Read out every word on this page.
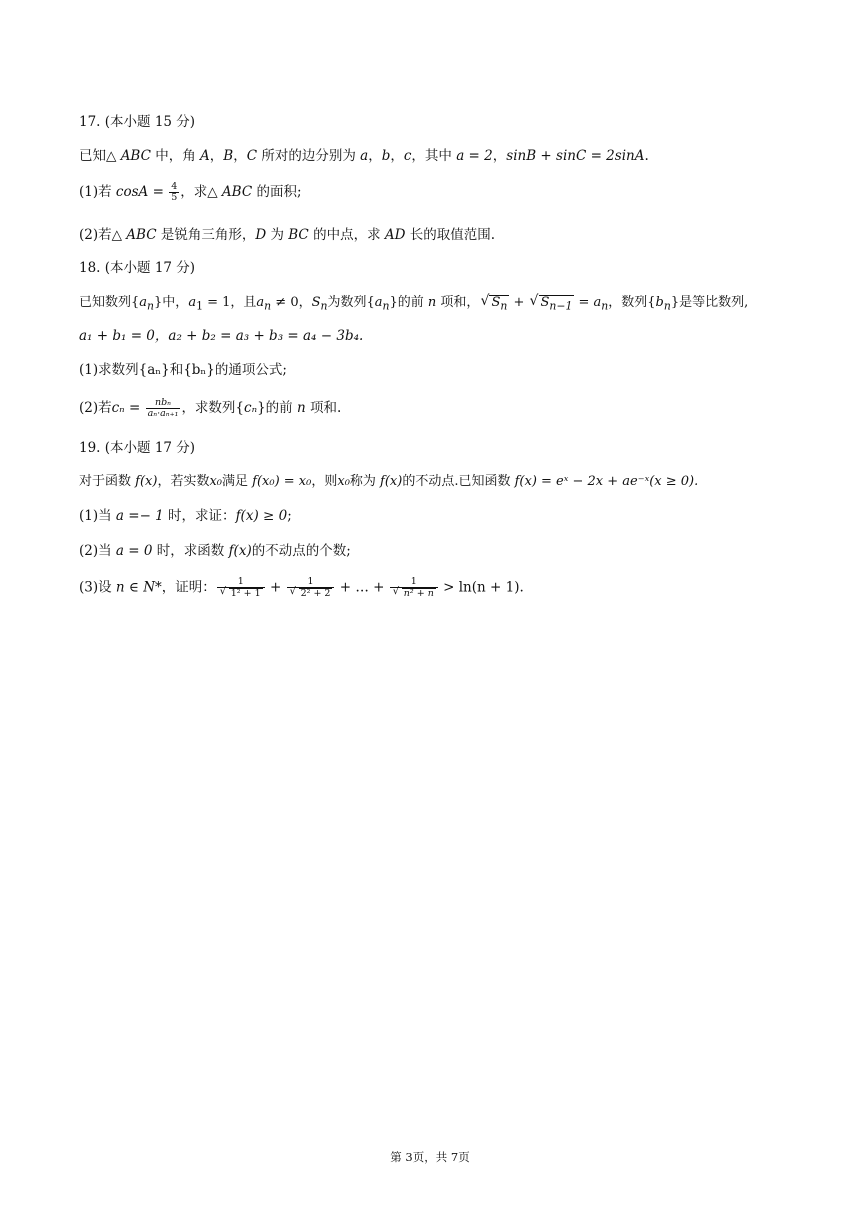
17. (本小题 15 分)
已知△ ABC 中，角 A，B，C 所对的边分别为 a，b，c，其中 a = 2，sinB + sinC = 2sinA.
(1)若 $\cos A = \frac{4}{5}$ ，求△ ABC 的面积;
(2)若△ ABC 是锐角三角形，D 为 BC 的中点，求 AD 长的取值范围.
18. (本小题 17 分)
已知数列$\{a_n\}$中，$a_1 = 1$，且$a_n \ne 0$，$S_n$为数列$\{a_n\}$的前 n 项和，√ $S_n$ + √ $S_{n-1} = a_n$，数列$\{b_n\}$是等比数列,
a₁ + b₁ = 0，a₂ + b₂ = a₃ + b₃ = a₄ − 3b₄.
(1)求数列{aₙ}和{bₙ}的通项公式;
(2)若$c_n = \frac{\text{nbₙ}}{\text{aₙ·aₙ₊₁}}$ ，求数列{cₙ}的前 n 项和.
19. (本小题 17 分)
对于函数 f(x)，若实数x₀满足 f(x₀) = x₀，则x₀称为 f(x)的不动点.已知函数 f(x) = eˣ − 2x + ae⁻ˣ(x ≥ 0).
(1)当 a =− 1 时，求证：f(x) ≥ 0;
(2)当 a = 0 时，求函数 f(x)的不动点的个数;
(3)设 n ∈ N*，证明： 1
√ 1² + 1 + 1
√ 2² + 2 + … + 1
√ n² + n > ln(n + 1).
第 3页，共 7页
